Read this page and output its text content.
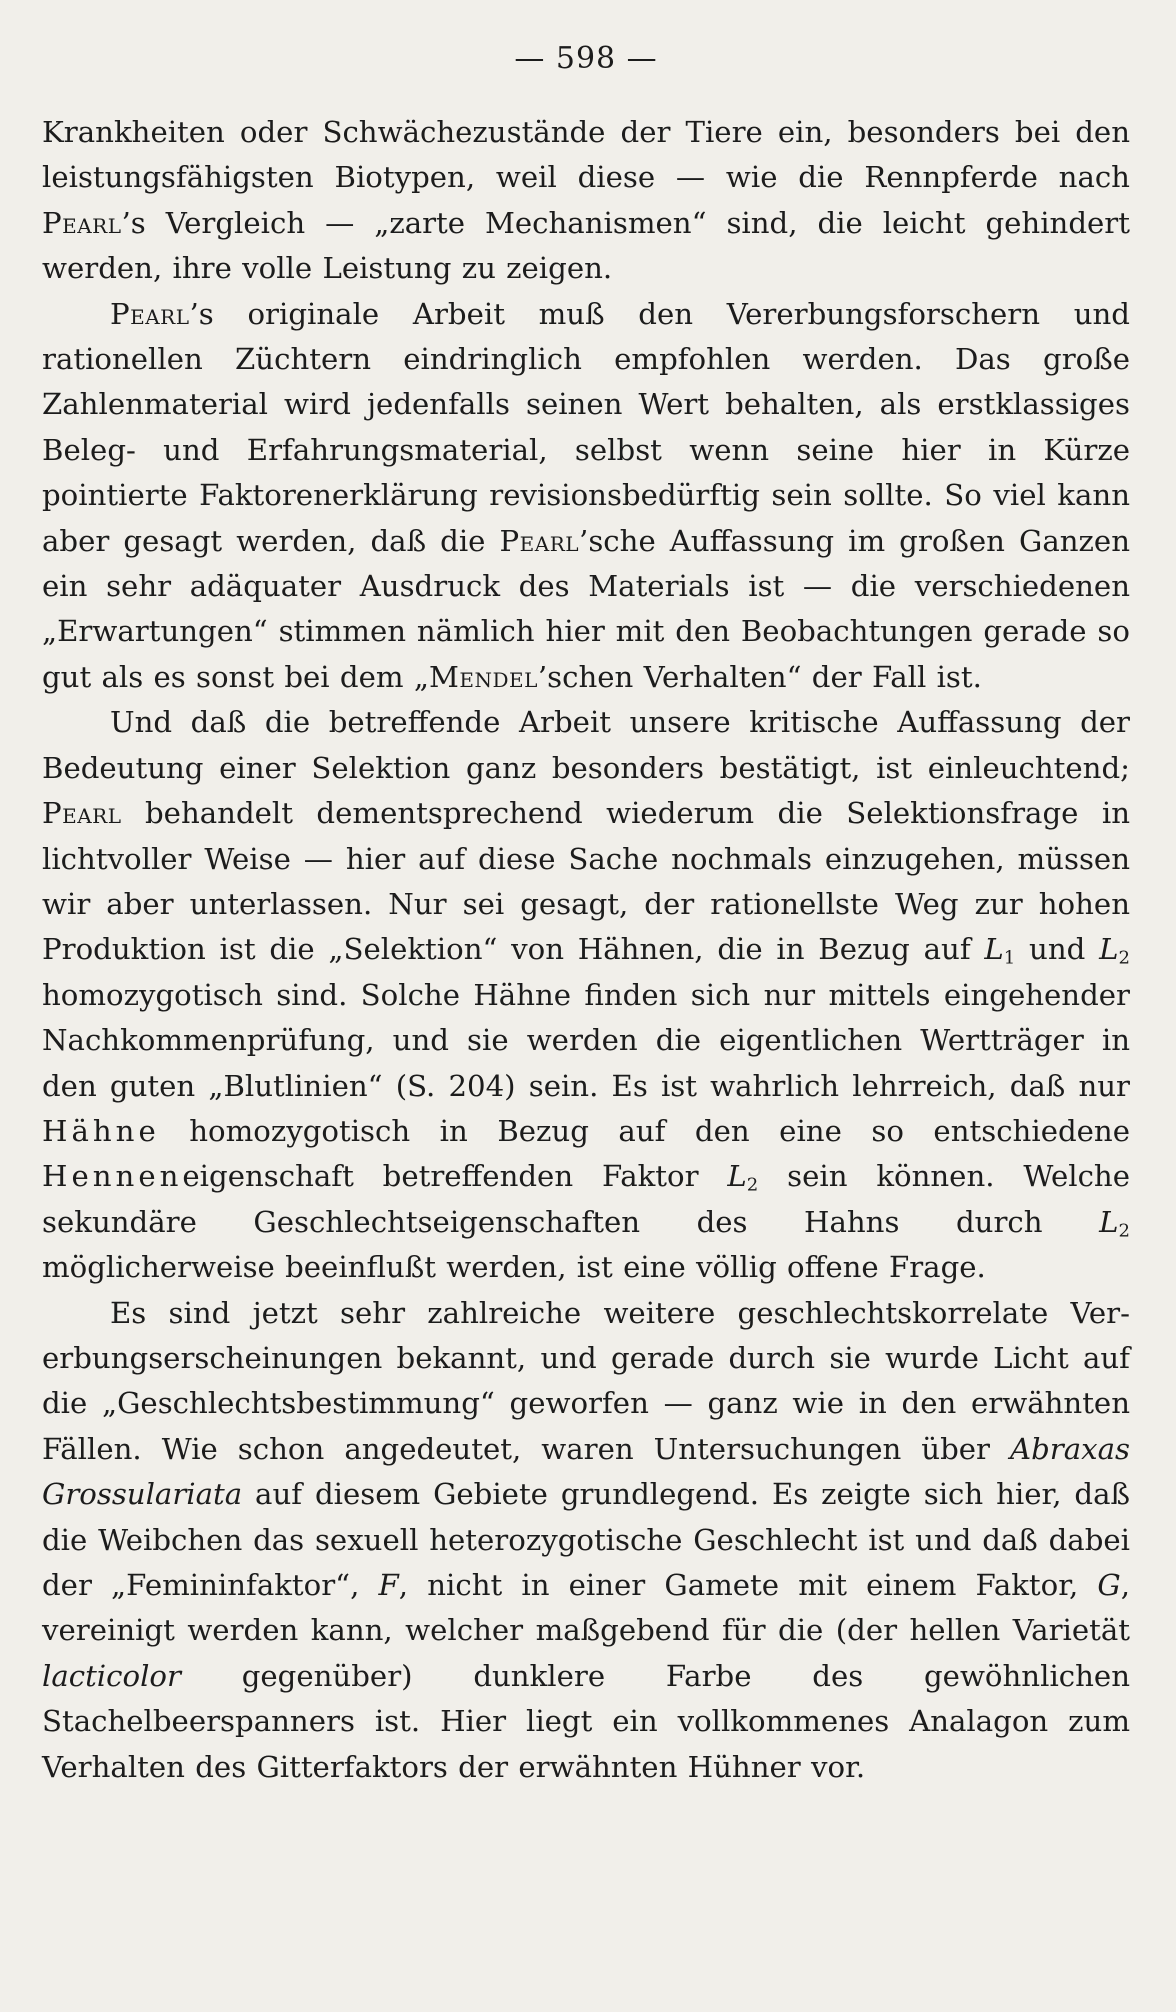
— 598 —

Krankheiten oder Schwächezustände der Tiere ein, besonders bei den leistungsfähigsten Biotypen, weil diese — wie die Rennpferde nach Pearl’s Vergleich — „zarte Mechanismen“ sind, die leicht gehindert werden, ihre volle Leistung zu zeigen.

Pearl’s originale Arbeit muß den Vererbungsforschern und rationellen Züchtern eindringlich empfohlen werden. Das große Zahlenmaterial wird jedenfalls seinen Wert behalten, als erstklassiges Beleg- und Erfahrungsmaterial, selbst wenn seine hier in Kürze pointierte Faktorenerklärung revisionsbedürftig sein sollte. So viel kann aber gesagt werden, daß die Pearl’sche Auffassung im großen Ganzen ein sehr adäquater Ausdruck des Materials ist — die verschiedenen „Erwartungen“ stimmen nämlich hier mit den Beobachtungen gerade so gut als es sonst bei dem „Mendel’schen Verhalten“ der Fall ist.

Und daß die betreffende Arbeit unsere kritische Auffassung der Bedeutung einer Selektion ganz besonders bestätigt, ist einleuchtend; Pearl behandelt dementsprechend wiederum die Selektionsfrage in lichtvoller Weise — hier auf diese Sache nochmals einzugehen, müssen wir aber unterlassen. Nur sei gesagt, der rationellste Weg zur hohen Produktion ist die „Selektion“ von Hähnen, die in Bezug auf $L_1$ und $L_2$ homozygotisch sind. Solche Hähne finden sich nur mittels eingehender Nachkommenprüfung, und sie werden die eigentlichen Wertträger in den guten „Blutlinien“ (S. 204) sein. Es ist wahrlich lehrreich, daß nur Hähne homozygotisch in Bezug auf den eine so entschiedene Henneneigenschaft betreffenden Faktor $L_2$ sein können. Welche sekundäre Geschlechtseigenschaften des Hahns durch $L_2$ möglicherweise beeinflußt werden, ist eine völlig offene Frage.

Es sind jetzt sehr zahlreiche weitere geschlechtskorrelate Vererbungserscheinungen bekannt, und gerade durch sie wurde Licht auf die „Geschlechtsbestimmung“ geworfen — ganz wie in den erwähnten Fällen. Wie schon angedeutet, waren Untersuchungen über Abraxas Grossulariata auf diesem Gebiete grundlegend. Es zeigte sich hier, daß die Weibchen das sexuell heterozygotische Geschlecht ist und daß dabei der „Femininfaktor“, F, nicht in einer Gamete mit einem Faktor, G, vereinigt werden kann, welcher maßgebend für die (der hellen Varietät lacticolor gegenüber) dunklere Farbe des gewöhnlichen Stachelbeerspanners ist. Hier liegt ein vollkommenes Analagon zum Verhalten des Gitterfaktors der erwähnten Hühner vor.
